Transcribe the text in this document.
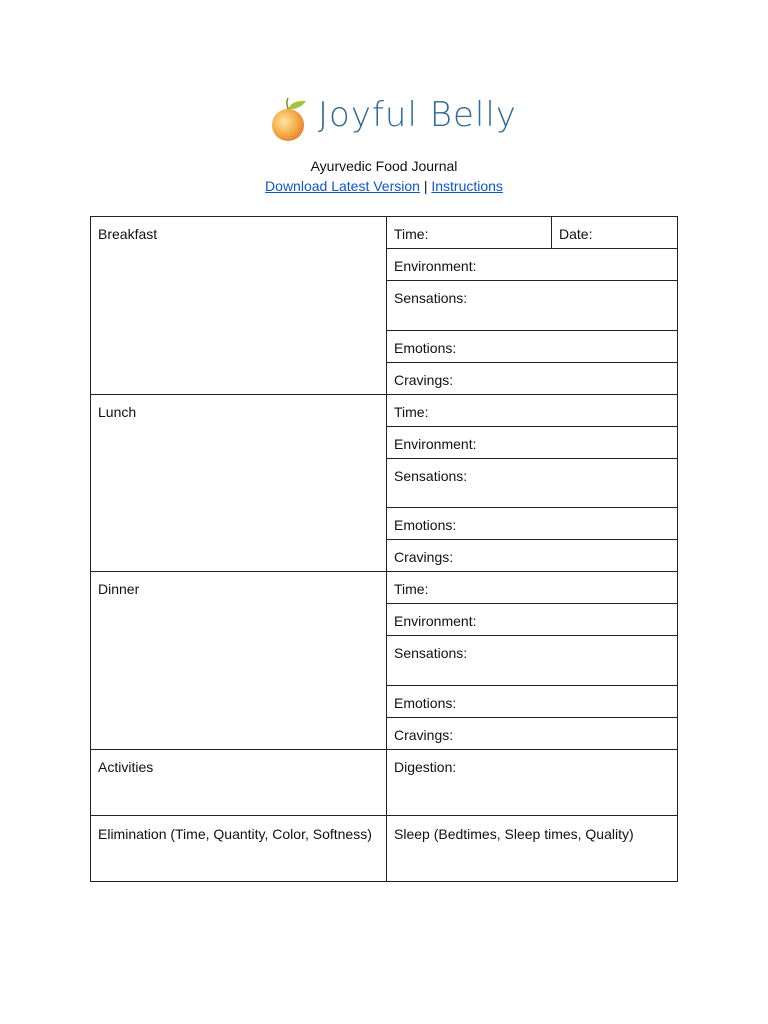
Joyful Belly
Ayurvedic Food Journal
Download Latest Version | Instructions
Breakfast	Time:	Date:
Environment:
Sensations:
Emotions:
Cravings:
Lunch	Time:
Environment:
Sensations:
Emotions:
Cravings:
Dinner	Time:
Environment:
Sensations:
Emotions:
Cravings:
Activities	Digestion:
Elimination (Time, Quantity, Color, Softness)	Sleep (Bedtimes, Sleep times, Quality)
